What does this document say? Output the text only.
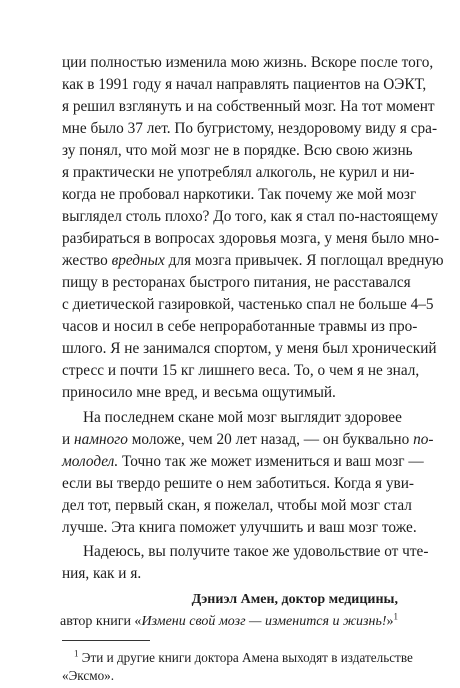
ции полностью изменила мою жизнь. Вскоре после того,
как в 1991 году я начал направлять пациентов на ОЭКТ,
я решил взглянуть и на собственный мозг. На тот момент
мне было 37 лет. По бугристому, нездоровому виду я сра-
зу понял, что мой мозг не в порядке. Всю свою жизнь
я практически не употреблял алкоголь, не курил и ни-
когда не пробовал наркотики. Так почему же мой мозг
выглядел столь плохо? До того, как я стал по-настоящему
разбираться в вопросах здоровья мозга, у меня было мно-
жество вредных для мозга привычек. Я поглощал вредную
пищу в ресторанах быстрого питания, не расставался
с диетической газировкой, частенько спал не больше 4–5
часов и носил в себе непроработанные травмы из про-
шлого. Я не занимался спортом, у меня был хронический
стресс и почти 15 кг лишнего веса. То, о чем я не знал,
приносило мне вред, и весьма ощутимый.
На последнем скане мой мозг выглядит здоровее
и намного моложе, чем 20 лет назад, — он буквально по-
молодел. Точно так же может измениться и ваш мозг —
если вы твердо решите о нем заботиться. Когда я уви-
дел тот, первый скан, я пожелал, чтобы мой мозг стал
лучше. Эта книга поможет улучшить и ваш мозг тоже.
Надеюсь, вы получите такое же удовольствие от чте-
ния, как и я.
Дэниэл Амен, доктор медицины,
автор книги «Измени свой мозг — изменится и жизнь!»$^1$
$^1$ Эти и другие книги доктора Амена выходят в издательстве
«Эксмо».
